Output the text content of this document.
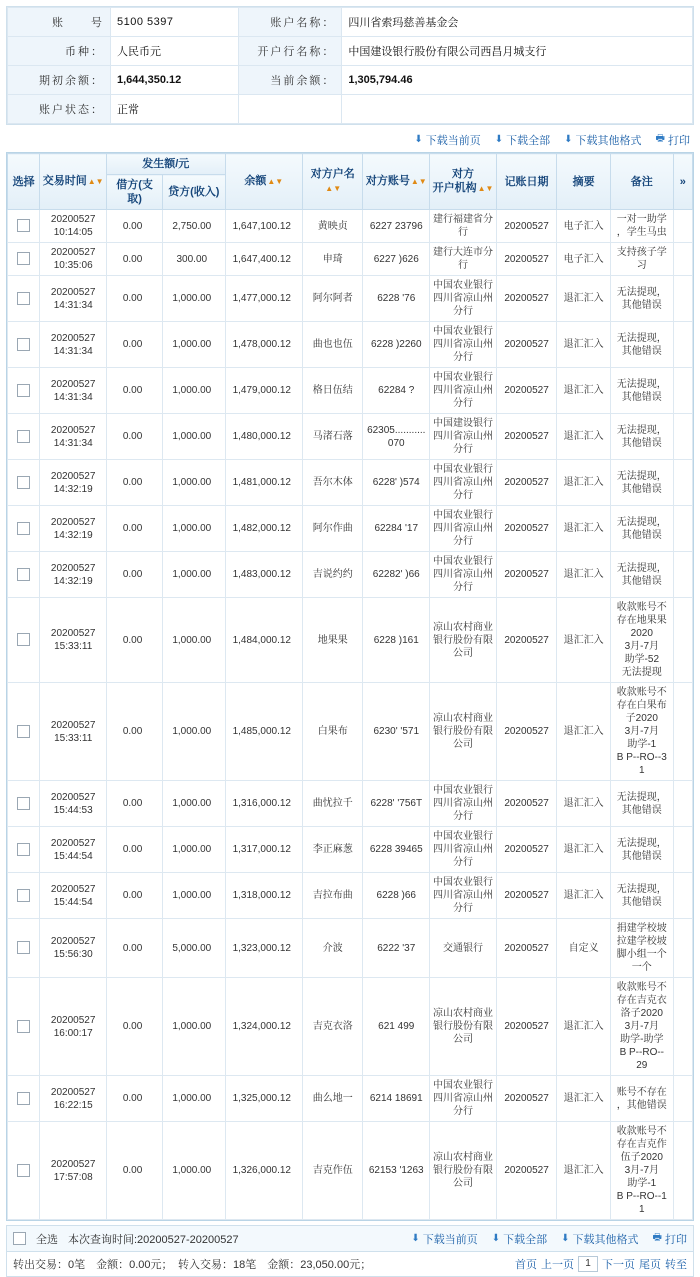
账　　号	5100 5397	账户名称：	四川省索玛慈善基金会
币种：	人民币元	开户行名称：	中国建设银行股份有限公司西昌月城支行
期初余额：	1,644,350.12	当前余额：	1,305,794.46
账户状态：	正常		
⬇ 下载当前页 ⬇ 下载全部 ⬇ 下载其他格式 🖶 打印
选择	交易时间▲▼	发生额/元		余额▲▼	对方户名▲▼	对方账号▲▼	对方
开户机构▲▼	记账日期	摘要	备注	»
		借方(支取)	贷方(收入)								
	20200527
10:14:05	0.00	2,750.00	1,647,100.12	黄映贞	6227 23796	建行福建省分
行	20200527	电子汇入	一对一助学
，学生马虫	
	20200527
10:35:06	0.00	300.00	1,647,400.12	申琦	6227 )626	建行大连市分
行	20200527	电子汇入	支持孩子学
习	
	20200527
14:31:34	0.00	1,000.00	1,477,000.12	阿尔阿者	6228 '76	中国农业银行
四川省凉山州
分行	20200527	退汇汇入	无法提现，
其他错误	
	20200527
14:31:34	0.00	1,000.00	1,478,000.12	曲也也伍	6228 )2260	中国农业银行
四川省凉山州
分行	20200527	退汇汇入	无法提现，
其他错误	
	20200527
14:31:34	0.00	1,000.00	1,479,000.12	格日伍结	62284 ?	中国农业银行
四川省凉山州
分行	20200527	退汇汇入	无法提现，
其他错误	
	20200527
14:31:34	0.00	1,000.00	1,480,000.12	马渚石落	62305...........070	中国建设银行
四川省凉山州
分行	20200527	退汇汇入	无法提现，
其他错误	
	20200527
14:32:19	0.00	1,000.00	1,481,000.12	吾尔木体	6228' )574	中国农业银行
四川省凉山州
分行	20200527	退汇汇入	无法提现，
其他错误	
	20200527
14:32:19	0.00	1,000.00	1,482,000.12	阿尔作曲	62284 '17	中国农业银行
四川省凉山州
分行	20200527	退汇汇入	无法提现，
其他错误	
	20200527
14:32:19	0.00	1,000.00	1,483,000.12	吉说约约	62282' )66	中国农业银行
四川省凉山州
分行	20200527	退汇汇入	无法提现，
其他错误	
	20200527
15:33:11	0.00	1,000.00	1,484,000.12	地果果	6228 )161	凉山农村商业
银行股份有限
公司	20200527	退汇汇入	收款账号不
存在地果果
2020
3月-7月
助学-52
无法提现	
	20200527
15:33:11	0.00	1,000.00	1,485,000.12	白果布	6230' '571	凉山农村商业
银行股份有限
公司	20200527	退汇汇入	收款账号不
存在白果布
子2020
3月-7月
助学-1
B P--RO--3
1	
	20200527
15:44:53	0.00	1,000.00	1,316,000.12	曲忧拉千	6228' '756T	中国农业银行
四川省凉山州
分行	20200527	退汇汇入	无法提现，
其他错误	
	20200527
15:44:54	0.00	1,000.00	1,317,000.12	李正麻葱	6228 39465	中国农业银行
四川省凉山州
分行	20200527	退汇汇入	无法提现，
其他错误	
	20200527
15:44:54	0.00	1,000.00	1,318,000.12	吉拉布曲	6228 )66	中国农业银行
四川省凉山州
分行	20200527	退汇汇入	无法提现，
其他错误	
	20200527
15:56:30	0.00	5,000.00	1,323,000.12	介波	6222 '37	交通银行	20200527	自定义	捐建学校坡
拉建学校坡
脚小组一个
一个	
	20200527
16:00:17	0.00	1,000.00	1,324,000.12	吉克衣洛	621 499	凉山农村商业
银行股份有限
公司	20200527	退汇汇入	收款账号不
存在吉克衣
洛子2020
3月-7月
助学-助学
B P--RO--
29	
	20200527
16:22:15	0.00	1,000.00	1,325,000.12	曲么地一	6214 18691	中国农业银行
四川省凉山州
分行	20200527	退汇汇入	账号不存在
，其他错误	
	20200527
17:57:08	0.00	1,000.00	1,326,000.12	吉克作伍	62153 '1263	凉山农村商业
银行股份有限
公司	20200527	退汇汇入	收款账号不
存在吉克作
伍子2020
3月-7月
助学-1
B P--RO--1
1	
全选 本次查询时间:20200527-20200527	⬇ 下载当前页 ⬇ 下载全部 ⬇ 下载其他格式 🖶 打印
转出交易：0笔　金额：0.00元；　转入交易：18笔　金额：23,050.00元；	首页 上一页	1	下一页 尾页 转至
